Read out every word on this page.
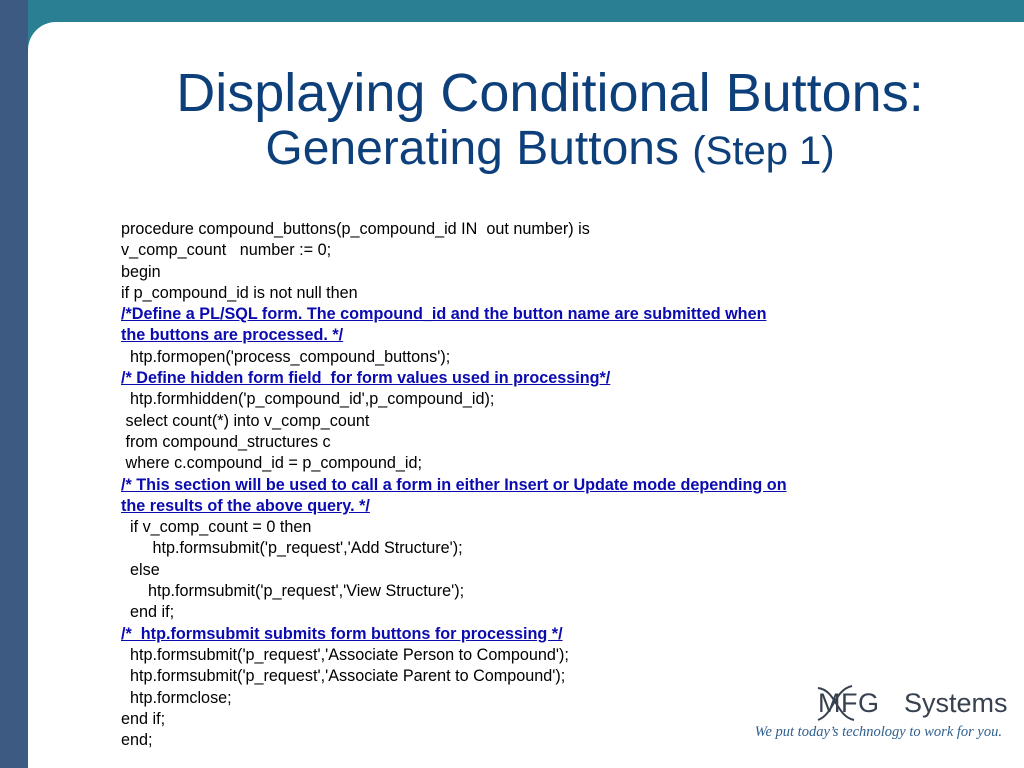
Displaying Conditional Buttons:
Generating Buttons (Step 1)
procedure compound_buttons(p_compound_id IN  out number) is
v_comp_count   number := 0;
begin
if p_compound_id is not null then
/*Define a PL/SQL form. The compound_id and the button name are submitted when
the buttons are processed. */
htp.formopen('process_compound_buttons');
/* Define hidden form field  for form values used in processing*/
htp.formhidden('p_compound_id',p_compound_id);
select count(*) into v_comp_count
from compound_structures c
where c.compound_id = p_compound_id;
/* This section will be used to call a form in either Insert or Update mode depending on
the results of the above query. */
if v_comp_count = 0 then
htp.formsubmit('p_request','Add Structure');
else
htp.formsubmit('p_request','View Structure');
end if;
/*  htp.formsubmit submits form buttons for processing */
htp.formsubmit('p_request','Associate Person to Compound');
htp.formsubmit('p_request','Associate Parent to Compound');
htp.formclose;
end if;
end;
MFG Systems
We put today’s technology to work for you.
